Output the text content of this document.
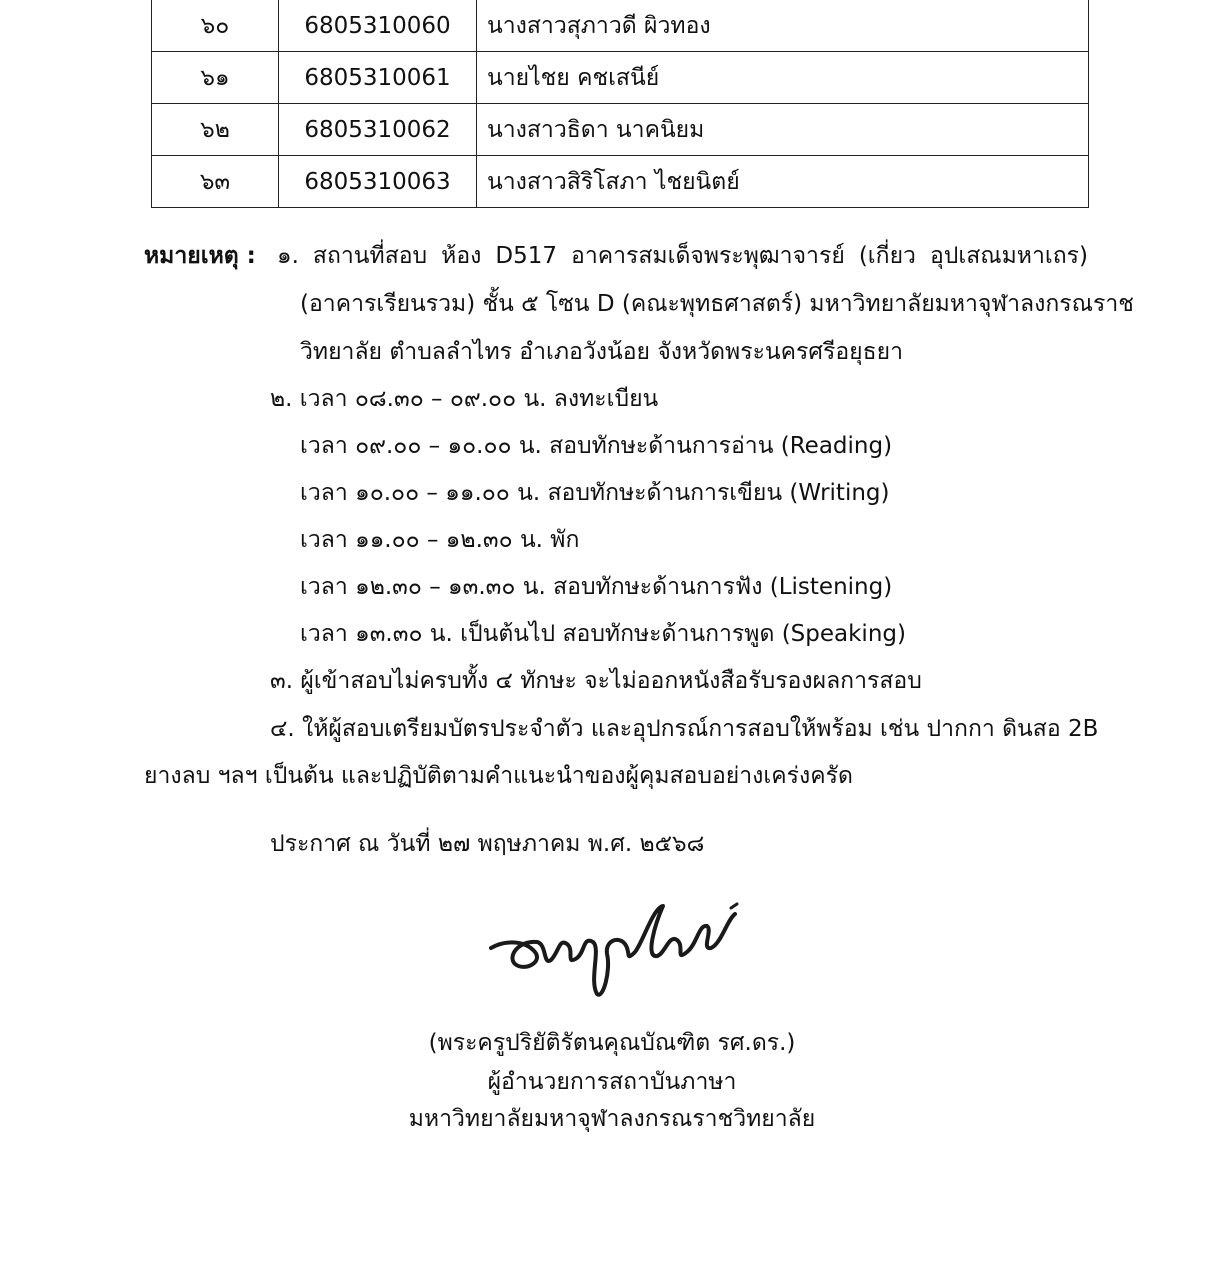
๖๐	6805310060	นางสาวสุภาวดี ผิวทอง
๖๑	6805310061	นายไชย คชเสนีย์
๖๒	6805310062	นางสาวธิดา นาคนิยม
๖๓	6805310063	นางสาวสิริโสภา ไชยนิตย์
หมายเหตุ : ๑. สถานที่สอบ ห้อง D517 อาคารสมเด็จพระพุฒาจารย์ (เกี่ยว อุปเสณมหาเถร)
(อาคารเรียนรวม) ชั้น ๕ โซน D (คณะพุทธศาสตร์) มหาวิทยาลัยมหาจุฬาลงกรณราช
วิทยาลัย ตำบลลำไทร อำเภอวังน้อย จังหวัดพระนครศรีอยุธยา
๒. เวลา ๐๘.๓๐ – ๐๙.๐๐ น. ลงทะเบียน
เวลา ๐๙.๐๐ – ๑๐.๐๐ น. สอบทักษะด้านการอ่าน (Reading)
เวลา ๑๐.๐๐ – ๑๑.๐๐ น. สอบทักษะด้านการเขียน (Writing)
เวลา ๑๑.๐๐ – ๑๒.๓๐ น. พัก
เวลา ๑๒.๓๐ – ๑๓.๓๐ น. สอบทักษะด้านการฟัง (Listening)
เวลา ๑๓.๓๐ น. เป็นต้นไป สอบทักษะด้านการพูด (Speaking)
๓. ผู้เข้าสอบไม่ครบทั้ง ๔ ทักษะ จะไม่ออกหนังสือรับรองผลการสอบ
๔. ให้ผู้สอบเตรียมบัตรประจำตัว และอุปกรณ์การสอบให้พร้อม เช่น ปากกา ดินสอ 2B
ยางลบ ฯลฯ เป็นต้น และปฏิบัติตามคำแนะนำของผู้คุมสอบอย่างเคร่งครัด
ประกาศ ณ วันที่ ๒๗ พฤษภาคม พ.ศ. ๒๕๖๘
(พระครูปริยัติรัตนคุณบัณฑิต รศ.ดร.)
ผู้อำนวยการสถาบันภาษา
มหาวิทยาลัยมหาจุฬาลงกรณราชวิทยาลัย
